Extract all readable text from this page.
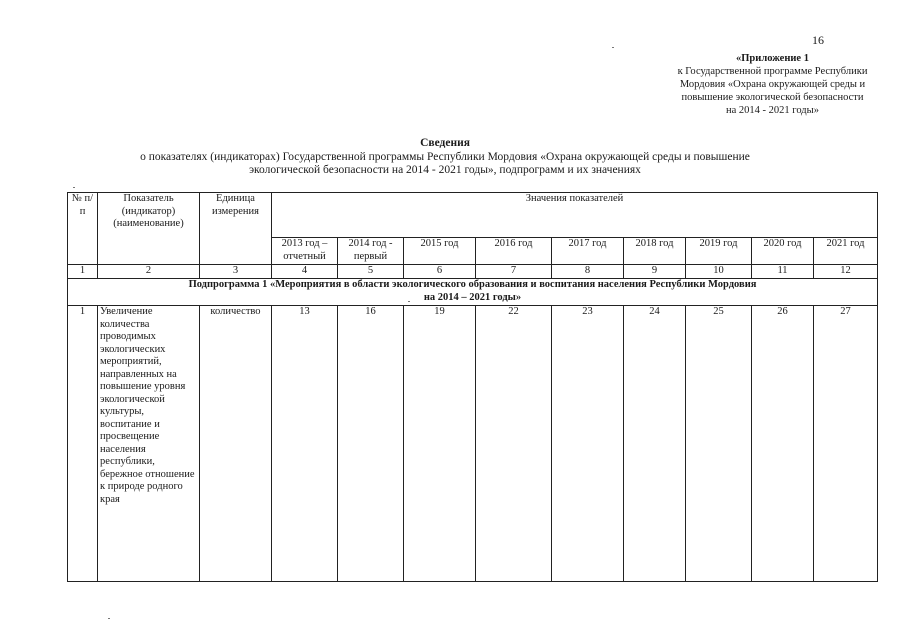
16
«Приложение 1
к Государственной программе Республики
Мордовия «Охрана окружающей среды и
повышение экологической безопасности
на 2014 - 2021 годы»
Сведения
о показателях (индикаторах) Государственной программы Республики Мордовия «Охрана окружающей среды и повышение
экологической безопасности на 2014 - 2021 годы», подпрограмм и их значениях
№ п/п	Показатель (индикатор) (наименование)	Единица измерения	Значения показателей								
			2013 год – отчетный	2014 год - первый	2015 год	2016 год	2017 год	2018 год	2019 год	2020 год	2021 год
1	2	3	4	5	6	7	8	9	10	11	12

Подпрограмма 1 «Мероприятия в области экологического образования и воспитания населения Республики Мордовия
на 2014 – 2021 годы»											

1	Увеличение количества проводимых экологических мероприятий, направленных на повышение уровня экологической культуры, воспитание и просвещение населения республики, бережное отношение к природе родного края	количество	13	16	19	22	23	24	25	26	27
